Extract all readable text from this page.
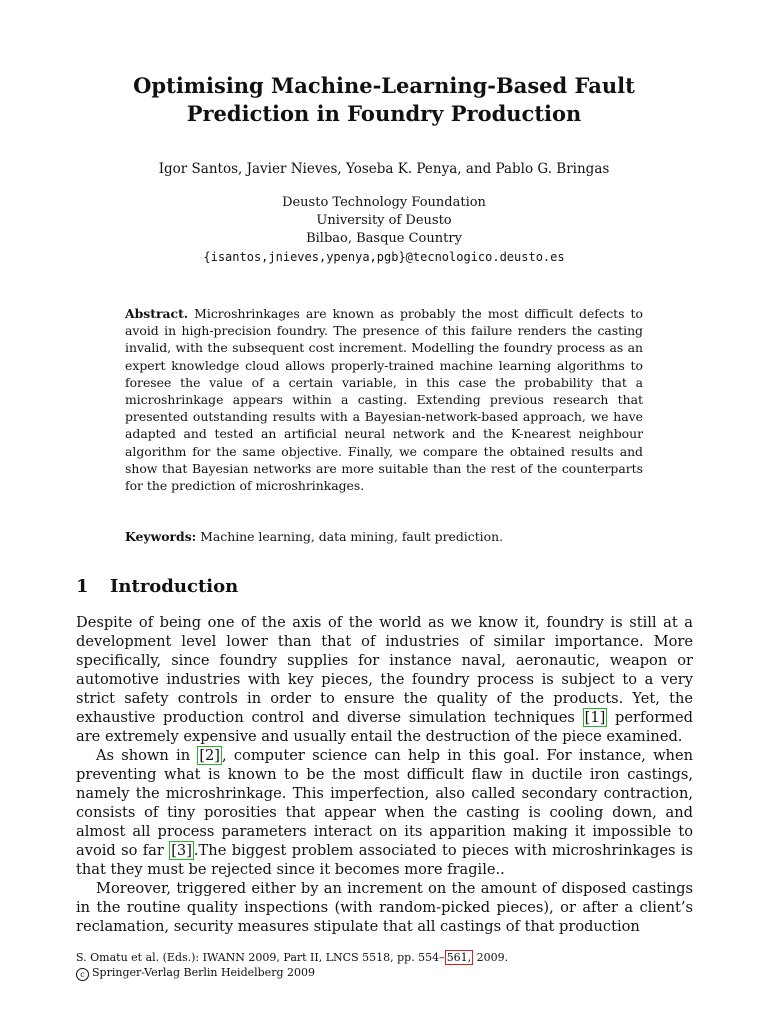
Optimising Machine-Learning-Based Fault
Prediction in Foundry Production
Igor Santos, Javier Nieves, Yoseba K. Penya, and Pablo G. Bringas
Deusto Technology Foundation
University of Deusto
Bilbao, Basque Country
{isantos,jnieves,ypenya,pgb}@tecnologico.deusto.es
Abstract. Microshrinkages are known as probably the most difficult defects to avoid in high-precision foundry. The presence of this failure renders the casting invalid, with the subsequent cost increment. Modelling the foundry process as an expert knowledge cloud allows properly-trained machine learning algorithms to foresee the value of a certain variable, in this case the probability that a microshrinkage appears within a casting. Extending previous research that presented outstanding results with a Bayesian-network-based approach, we have adapted and tested an artificial neural network and the K-nearest neighbour algorithm for the same objective. Finally, we compare the obtained results and show that Bayesian networks are more suitable than the rest of the counterparts for the prediction of microshrinkages.
Keywords: Machine learning, data mining, fault prediction.
1 Introduction

Despite of being one of the axis of the world as we know it, foundry is still at a development level lower than that of industries of similar importance. More specifically, since foundry supplies for instance naval, aeronautic, weapon or automotive industries with key pieces, the foundry process is subject to a very strict safety controls in order to ensure the quality of the products. Yet, the exhaustive production control and diverse simulation techniques [1] performed are extremely expensive and usually entail the destruction of the piece examined.

As shown in [2] , computer science can help in this goal. For instance, when preventing what is known to be the most difficult flaw in ductile iron castings, namely the microshrinkage. This imperfection, also called secondary contraction, consists of tiny porosities that appear when the casting is cooling down, and almost all process parameters interact on its apparition making it impossible to avoid so far [3] .The biggest problem associated to pieces with microshrinkages is that they must be rejected since it becomes more fragile..

Moreover, triggered either by an increment on the amount of disposed castings in the routine quality inspections (with random-picked pieces), or after a client’s reclamation, security measures stipulate that all castings of that production

S. Omatu et al. (Eds.): IWANN 2009, Part II, LNCS 5518, pp. 554– 561, 2009.
c Springer-Verlag Berlin Heidelberg 2009
